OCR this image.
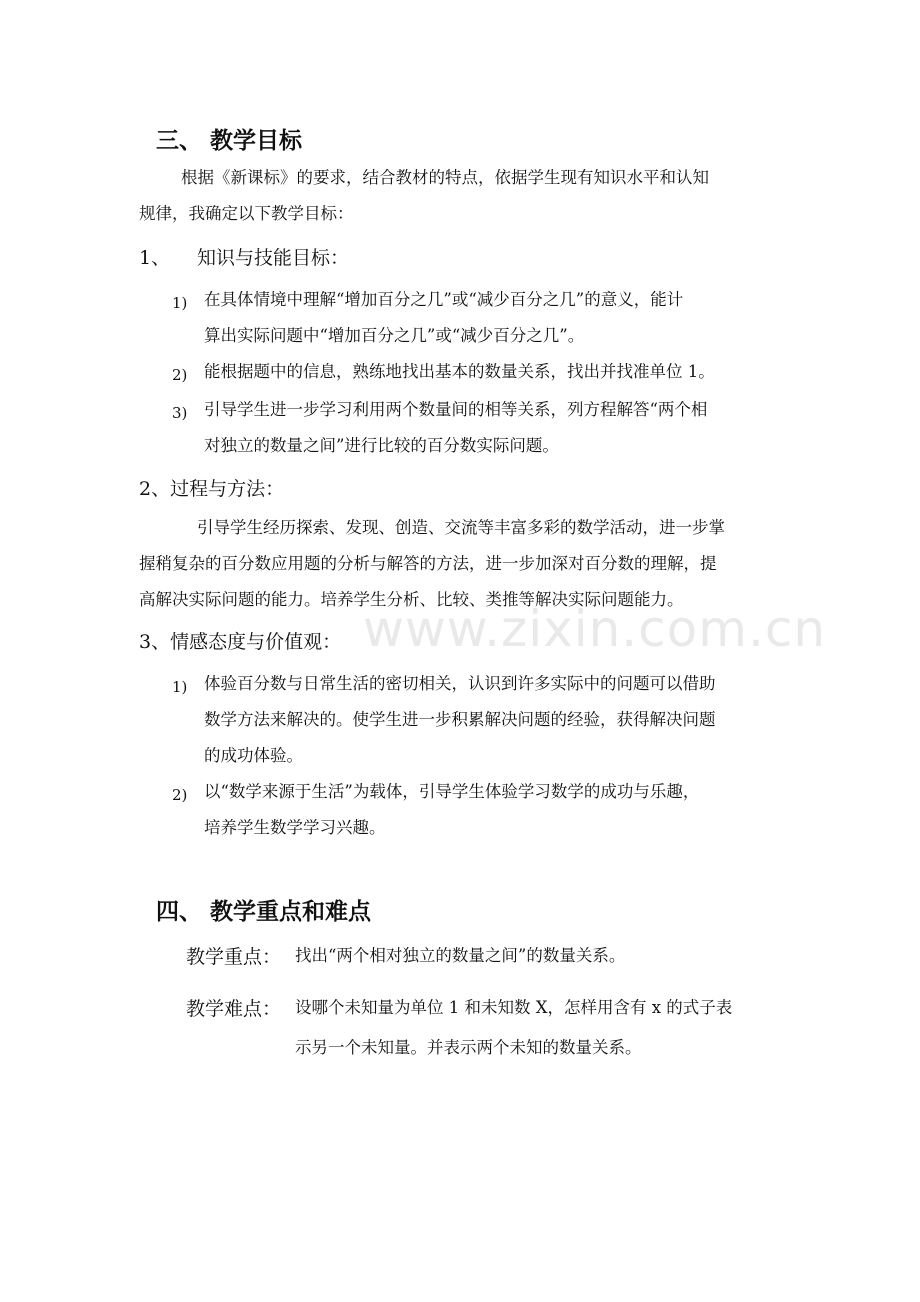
www.zixin.com.cn
三、 教学目标
根据《新课标》的要求，结合教材的特点，依据学生现有知识水平和认知
规律，我确定以下教学目标：
1、 知识与技能目标：
1) 在具体情境中理解“增加百分之几”或“减少百分之几”的意义，能计
算出实际问题中“增加百分之几”或“减少百分之几”。
2) 能根据题中的信息，熟练地找出基本的数量关系，找出并找准单位 1。
3) 引导学生进一步学习利用两个数量间的相等关系，列方程解答“两个相
对独立的数量之间”进行比较的百分数实际问题。
2、过程与方法：
引导学生经历探索、发现、创造、交流等丰富多彩的数学活动，进一步掌
握稍复杂的百分数应用题的分析与解答的方法，进一步加深对百分数的理解，提
高解决实际问题的能力。培养学生分析、比较、类推等解决实际问题能力。
3、情感态度与价值观：
1) 体验百分数与日常生活的密切相关，认识到许多实际中的问题可以借助
数学方法来解决的。使学生进一步积累解决问题的经验，获得解决问题
的成功体验。
2) 以“数学来源于生活”为载体，引导学生体验学习数学的成功与乐趣，
培养学生数学学习兴趣。
四、 教学重点和难点
教学重点： 找出“两个相对独立的数量之间”的数量关系。
教学难点： 设哪个未知量为单位 1 和未知数 X，怎样用含有 x 的式子表
示另一个未知量。并表示两个未知的数量关系。
